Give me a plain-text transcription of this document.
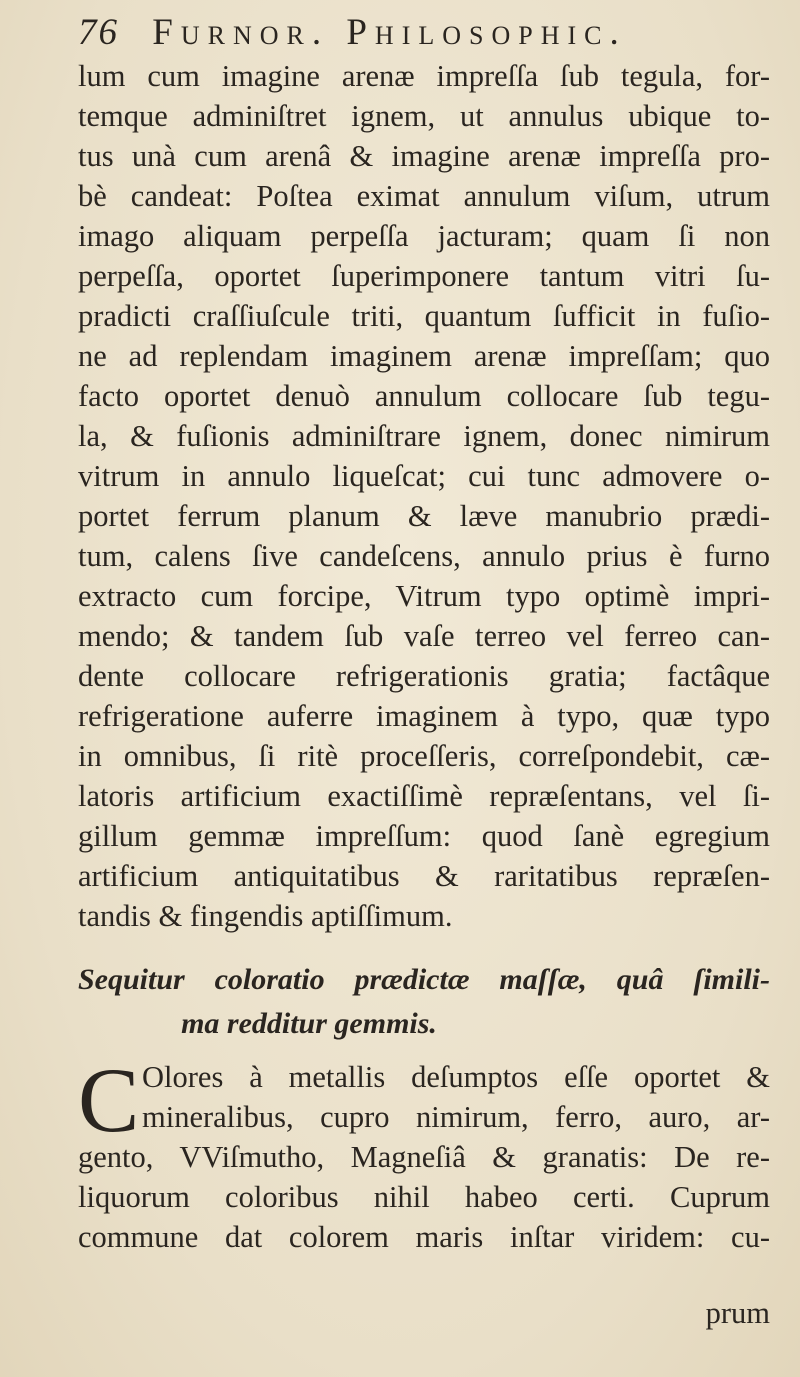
76 Furnor. Philosophic.
lum cum imagine arenæ impreſſa ſub tegula, for-
temque adminiſtret ignem, ut annulus ubique to-
tus unà cum arenâ & imagine arenæ impreſſa pro-
bè candeat: Poſtea eximat annulum viſum, utrum
imago aliquam perpeſſa jacturam; quam ſi non
perpeſſa, oportet ſuperimponere tantum vitri ſu-
pradicti craſſiuſcule triti, quantum ſufficit in fuſio-
ne ad replendam imaginem arenæ impreſſam; quo
facto oportet denuò annulum collocare ſub tegu-
la, & fuſionis adminiſtrare ignem, donec nimirum
vitrum in annulo liqueſcat; cui tunc admovere o-
portet ferrum planum & læve manubrio prædi-
tum, calens ſive candeſcens, annulo prius è furno
extracto cum forcipe, Vitrum typo optimè impri-
mendo; & tandem ſub vaſe terreo vel ferreo can-
dente collocare refrigerationis gratia; factâque
refrigeratione auferre imaginem à typo, quæ typo
in omnibus, ſi ritè proceſſeris, correſpondebit, cæ-
latoris artificium exactiſſimè repræſentans, vel ſi-
gillum gemmæ impreſſum: quod ſanè egregium
artificium antiquitatibus & raritatibus repræſen-
tandis & fingendis aptiſſimum.
Sequitur coloratio prædictæ maſſæ, quâ ſimili-
ma redditur gemmis.
C Olores à metallis deſumptos eſſe oportet &
mineralibus, cupro nimirum, ferro, auro, ar-
gento, VViſmutho, Magneſiâ & granatis: De re-
liquorum coloribus nihil habeo certi. Cuprum
commune dat colorem maris inſtar viridem: cu-
prum
